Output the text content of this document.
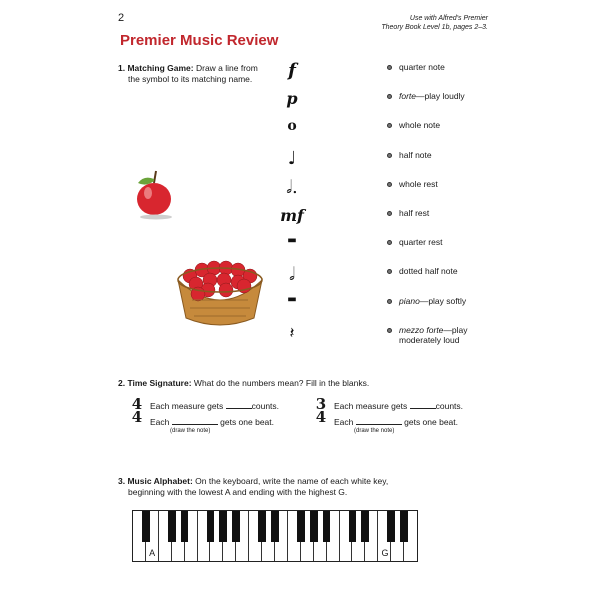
2	Use with Alfred's Premier
Theory Book Level 1b, pages 2–3.
Premier Music Review
1. Matching Game: Draw a line from
the symbol to its matching name.	f
p
o
♩
𝅗𝅥.
mf
▬
𝅗𝅥
▬
𝄽
quarter note
forte—play loudly
whole note
half note
whole rest
half rest
quarter rest
dotted half note
piano—play softly
mezzo forte—play
moderately loud
2. Time Signature: What do the numbers mean? Fill in the blanks.
4
4
Each measure gets	counts.
Each	gets one beat.
(draw the note)
3
4
Each measure gets	counts.
Each	gets one beat.
(draw the note)
3. Music Alphabet: On the keyboard, write the name of each white key,
beginning with the lowest A and ending with the highest G.
A	G
